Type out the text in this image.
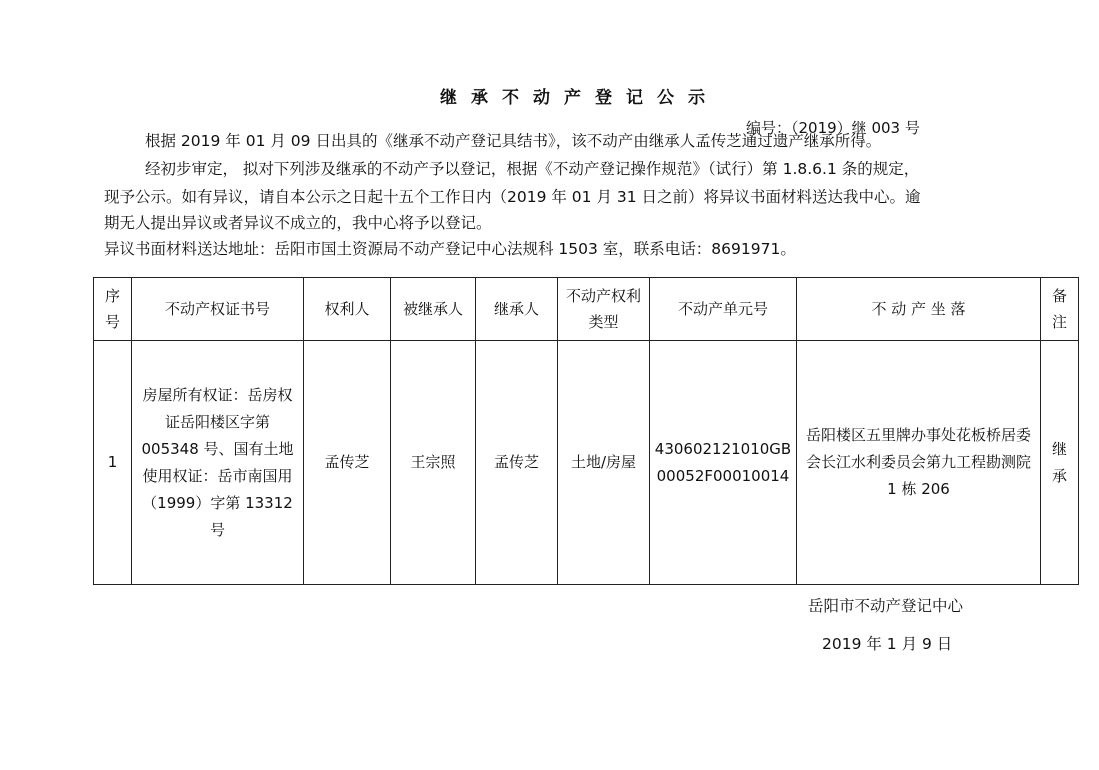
继承不动产登记公示
编号：（2019）继 003 号
根据 2019 年 01 月 09 日出具的《继承不动产登记具结书》，该不动产由继承人孟传芝通过遗产继承所得。
经初步审定， 拟对下列涉及继承的不动产予以登记，根据《不动产登记操作规范》（试行）第 1.8.6.1 条的规定，
现予公示。如有异议，请自本公示之日起十五个工作日内（2019 年 01 月 31 日之前）将异议书面材料送达我中心。逾
期无人提出异议或者异议不成立的，我中心将予以登记。
异议书面材料送达地址：岳阳市国土资源局不动产登记中心法规科 1503 室，联系电话：8691971。
序号	不动产权证书号	权利人	被继承人	继承人	不动产权利类型	不动产单元号	不 动 产 坐 落	备注
1	房屋所有权证：岳房权证岳阳楼区字第 005348 号、国有土地使用权证：岳市南国用（1999）字第 13312 号	孟传芝	王宗照	孟传芝	土地/房屋	430602121010GB00052F00010014	岳阳楼区五里牌办事处花板桥居委会长江水利委员会第九工程勘测院 1 栋 206	继承
岳阳市不动产登记中心
2019 年 1 月 9 日
